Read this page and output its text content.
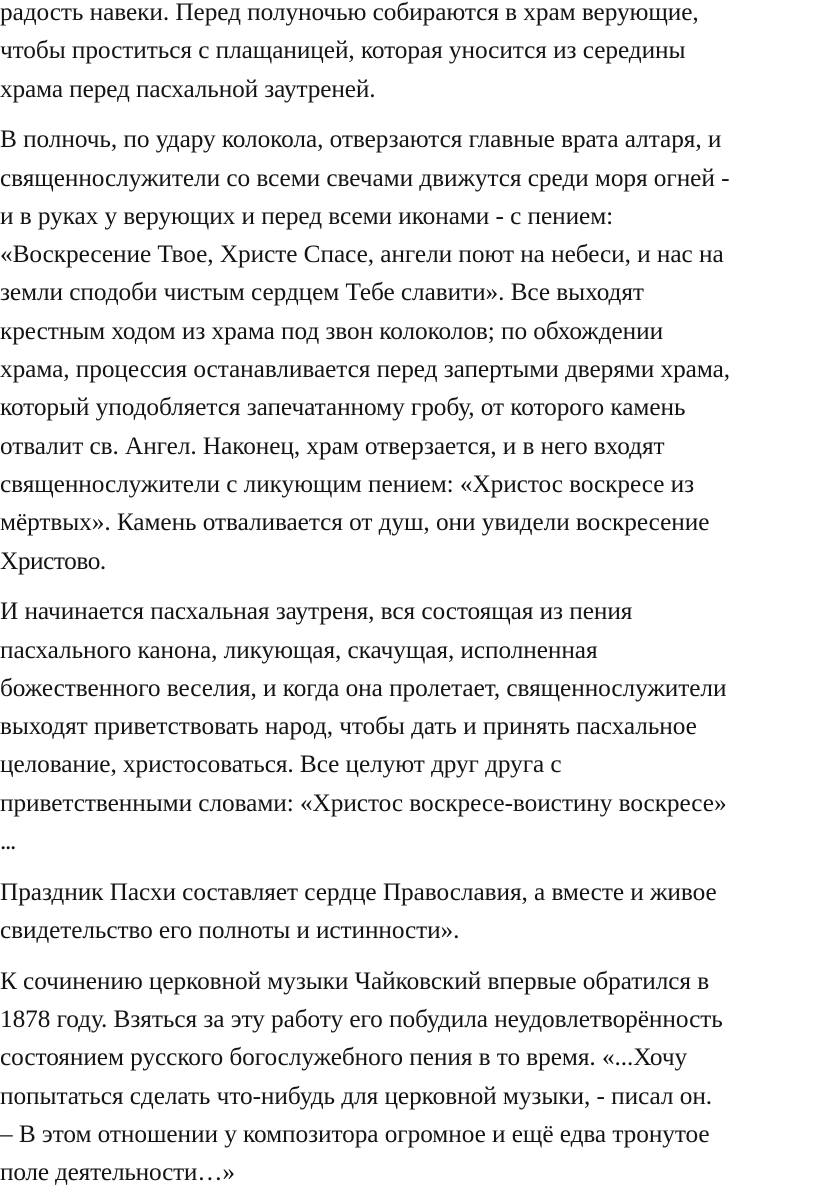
радость навеки. Перед полуночью собираются в храм верующие,
чтобы проститься с плащаницей, которая уносится из середины
храма перед пасхальной заутреней.

В полночь, по удару колокола, отверзаются главные врата алтаря, и
священнослужители со всеми свечами движутся среди моря огней -
и в руках у верующих и перед всеми иконами - с пением:
«Воскресение Твое, Христе Спасе, ангели поют на небеси, и нас на
земли сподоби чистым сердцем Тебе славити». Все выходят
крестным ходом из храма под звон колоколов; по обхождении
храма, процессия останавливается перед запертыми дверями храма,
который уподобляется запечатанному гробу, от которого камень
отвалит св. Ангел. Наконец, храм отверзается, и в него входят
священнослужители с ликующим пением: «Христос воскресе из
мёртвых». Камень отваливается от душ, они увидели воскресение
Христово.

И начинается пасхальная заутреня, вся состоящая из пения
пасхального канона, ликующая, скачущая, исполненная
божественного веселия, и когда она пролетает, священнослужители
выходят приветствовать народ, чтобы дать и принять пасхальное
целование, христосоваться. Все целуют друг друга с
приветственными словами: «Христос воскресе-воистину воскресе»
...

Праздник Пасхи составляет сердце Православия, а вместе и живое
свидетельство его полноты и истинности».

К сочинению церковной музыки Чайковский впервые обратился в
1878 году. Взяться за эту работу его побудила неудовлетворённость
состоянием русского богослужебного пения в то время. «...Хочу
попытаться сделать что-нибудь для церковной музыки, - писал он.
– В этом отношении у композитора огромное и ещё едва тронутое
поле деятельности…»
